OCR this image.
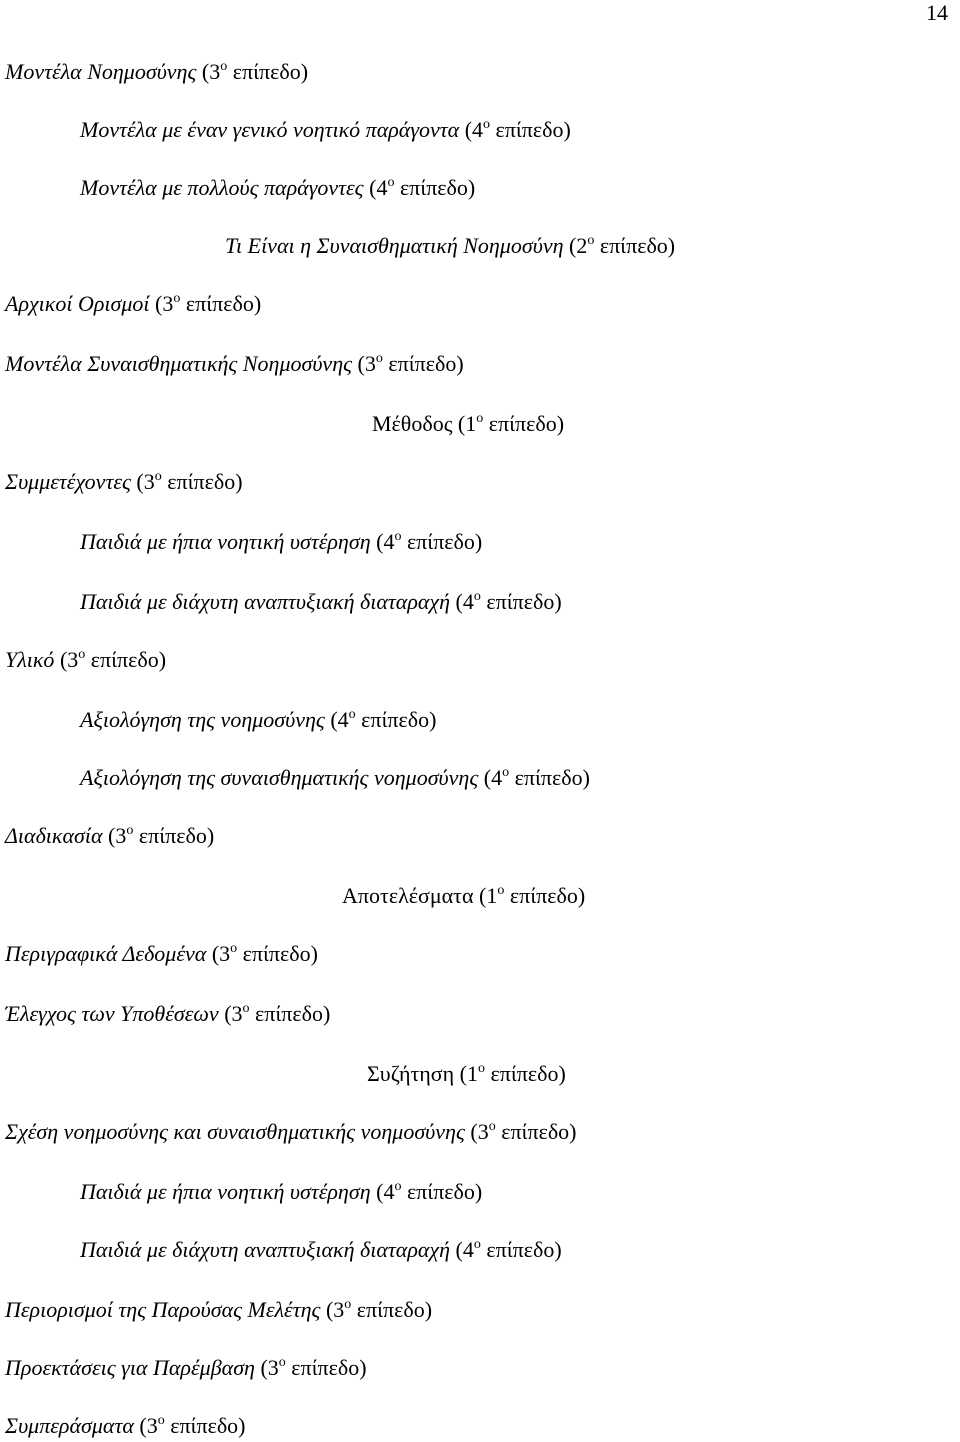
14
Μοντέλα Νοημοσύνης ($3^o$ επίπεδο)
Μοντέλα με έναν γενικό νοητικό παράγοντα ($4^o$ επίπεδο)
Μοντέλα με πολλούς παράγοντες ($4^o$ επίπεδο)
Τι Είναι η Συναισθηματική Νοημοσύνη ($2^o$ επίπεδο)
Αρχικοί Ορισμοί ($3^o$ επίπεδο)
Μοντέλα Συναισθηματικής Νοημοσύνης ($3^o$ επίπεδο)
Μέθοδος ($1^o$ επίπεδο)
Συμμετέχοντες ($3^o$ επίπεδο)
Παιδιά με ήπια νοητική υστέρηση ($4^o$ επίπεδο)
Παιδιά με διάχυτη αναπτυξιακή διαταραχή ($4^o$ επίπεδο)
Υλικό ($3^o$ επίπεδο)
Αξιολόγηση της νοημοσύνης ($4^o$ επίπεδο)
Αξιολόγηση της συναισθηματικής νοημοσύνης ($4^o$ επίπεδο)
Διαδικασία ($3^o$ επίπεδο)
Αποτελέσματα ($1^o$ επίπεδο)
Περιγραφικά Δεδομένα ($3^o$ επίπεδο)
Έλεγχος των Υποθέσεων ($3^o$ επίπεδο)
Συζήτηση ($1^o$ επίπεδο)
Σχέση νοημοσύνης και συναισθηματικής νοημοσύνης ($3^o$ επίπεδο)
Παιδιά με ήπια νοητική υστέρηση ($4^o$ επίπεδο)
Παιδιά με διάχυτη αναπτυξιακή διαταραχή ($4^o$ επίπεδο)
Περιορισμοί της Παρούσας Μελέτης ($3^o$ επίπεδο)
Προεκτάσεις για Παρέμβαση ($3^o$ επίπεδο)
Συμπεράσματα ($3^o$ επίπεδο)
